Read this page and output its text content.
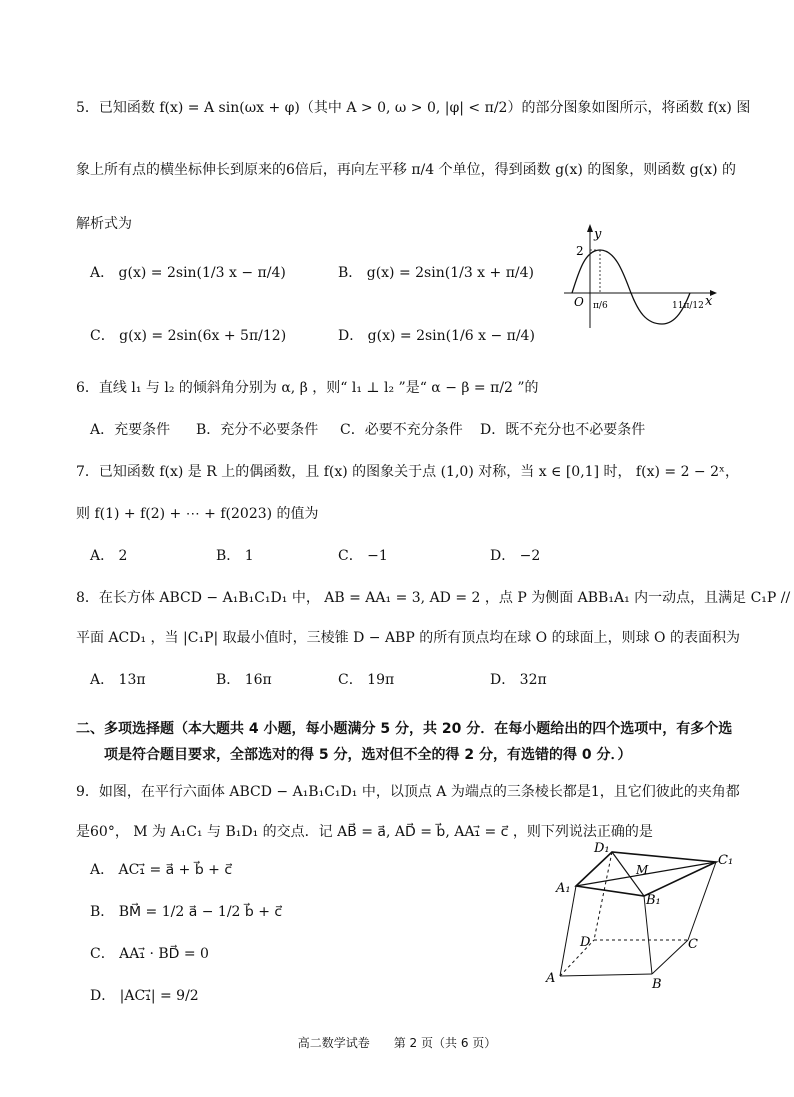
5．已知函数 f(x) = A sin(ωx + φ)（其中 A > 0, ω > 0, |φ| < π/2）的部分图象如图所示，将函数 f(x) 图
象上所有点的横坐标伸长到原来的6倍后，再向左平移 π/4 个单位，得到函数 g(x) 的图象，则函数 g(x) 的
解析式为
A． g(x) = 2sin(1/3 x − π/4)	B． g(x) = 2sin(1/3 x + π/4)
C． g(x) = 2sin(6x + 5π/12)	D． g(x) = 2sin(1/6 x − π/4)
y
x
O
2
π/6	11π/12
6．直线 l₁ 与 l₂ 的倾斜角分别为 α, β ，则“ l₁ ⊥ l₂ ”是“ α − β = π/2 ”的
A．充要条件 B．充分不必要条件 C．必要不充分条件 D．既不充分也不必要条件
7．已知函数 f(x) 是 R 上的偶函数，且 f(x) 的图象关于点 (1,0) 对称，当 x ∈ [0,1] 时， f(x) = 2 − 2ˣ，
则 f(1) + f(2) + ⋯ + f(2023) 的值为
A． 2	B． 1	C． −1	D． −2
8．在长方体 ABCD − A₁B₁C₁D₁ 中， AB = AA₁ = 3, AD = 2 ，点 P 为侧面 ABB₁A₁ 内一动点，且满足 C₁P //
平面 ACD₁ ，当 |C₁P| 取最小值时，三棱锥 D − ABP 的所有顶点均在球 O 的球面上，则球 O 的表面积为
A． 13π	B． 16π	C． 19π	D． 32π
二、多项选择题（本大题共 4 小题，每小题满分 5 分，共 20 分．在每小题给出的四个选项中，有多个选
项是符合题目要求，全部选对的得 5 分，选对但不全的得 2 分，有选错的得 0 分．）
9．如图，在平行六面体 ABCD − A₁B₁C₁D₁ 中，以顶点 A 为端点的三条棱长都是1，且它们彼此的夹角都
是60°， M 为 A₁C₁ 与 B₁D₁ 的交点．记 AB⃗ = a⃗, AD⃗ = b⃗, AA₁⃗ = c⃗ ，则下列说法正确的是
A． AC₁⃗ = a⃗ + b⃗ + c⃗
B． BM⃗ = 1/2 a⃗ − 1/2 b⃗ + c⃗
C． AA₁⃗ · BD⃗ = 0
D． |AC₁⃗| = 9/2
A	B
C
D
A₁
B₁
C₁
D₁
M
高二数学试卷　　第 2 页（共 6 页）
